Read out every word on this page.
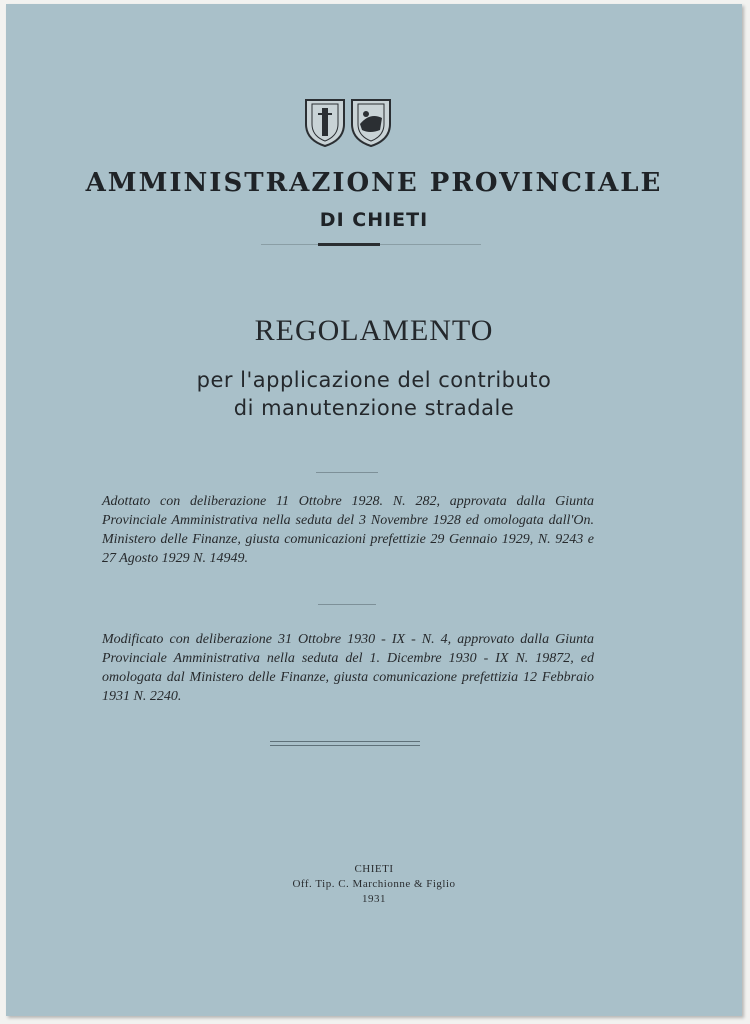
AMMINISTRAZIONE PROVINCIALE
DI CHIETI
REGOLAMENTO
per l'applicazione del contributo
di manutenzione stradale
Adottato con deliberazione 11 Ottobre 1928. N. 282, approvata dalla Giunta Provinciale Amministrativa nella seduta del 3 Novembre 1928 ed omologata dall'On. Ministero delle Finanze, giusta comunicazioni prefettizie 29 Gennaio 1929, N. 9243 e 27 Agosto 1929 N. 14949.
Modificato con deliberazione 31 Ottobre 1930 - IX - N. 4, approvato dalla Giunta Provinciale Amministrativa nella seduta del 1. Dicembre 1930 - IX N. 19872, ed omologata dal Ministero delle Finanze, giusta comunicazione prefettizia 12 Febbraio 1931 N. 2240.
CHIETI
Off. Tip. C. Marchionne & Figlio
1931
